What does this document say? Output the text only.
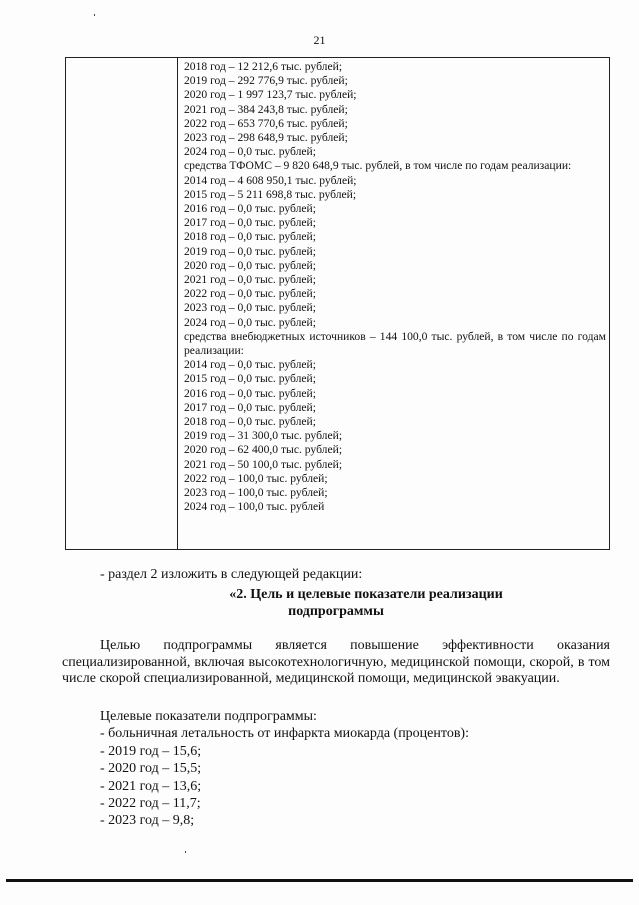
21
2018 год – 12 212,6 тыс. рублей;
2019 год – 292 776,9 тыс. рублей;
2020 год – 1 997 123,7 тыс. рублей;
2021 год – 384 243,8 тыс. рублей;
2022 год – 653 770,6 тыс. рублей;
2023 год – 298 648,9 тыс. рублей;
2024 год – 0,0 тыс. рублей;
средства ТФОМС – 9 820 648,9 тыс. рублей, в том числе по годам реализации:
2014 год – 4 608 950,1 тыс. рублей;
2015 год – 5 211 698,8 тыс. рублей;
2016 год – 0,0 тыс. рублей;
2017 год – 0,0 тыс. рублей;
2018 год – 0,0 тыс. рублей;
2019 год – 0,0 тыс. рублей;
2020 год – 0,0 тыс. рублей;
2021 год – 0,0 тыс. рублей;
2022 год – 0,0 тыс. рублей;
2023 год – 0,0 тыс. рублей;
2024 год – 0,0 тыс. рублей;
средства внебюджетных источников – 144 100,0 тыс. рублей, в том числе по годам реализации:
2014 год – 0,0 тыс. рублей;
2015 год – 0,0 тыс. рублей;
2016 год – 0,0 тыс. рублей;
2017 год – 0,0 тыс. рублей;
2018 год – 0,0 тыс. рублей;
2019 год – 31 300,0 тыс. рублей;
2020 год – 62 400,0 тыс. рублей;
2021 год – 50 100,0 тыс. рублей;
2022 год – 100,0 тыс. рублей;
2023 год – 100,0 тыс. рублей;
2024 год – 100,0 тыс. рублей
- раздел 2 изложить в следующей редакции:
«2. Цель и целевые показатели реализации
подпрограммы
Целью подпрограммы является повышение эффективности оказания специализированной, включая высокотехнологичную, медицинской помощи, скорой, в том числе скорой специализированной, медицинской помощи, медицинской эвакуации.
Целевые показатели подпрограммы:
- больничная летальность от инфаркта миокарда (процентов):
- 2019 год – 15,6;
- 2020 год – 15,5;
- 2021 год – 13,6;
- 2022 год – 11,7;
- 2023 год – 9,8;
